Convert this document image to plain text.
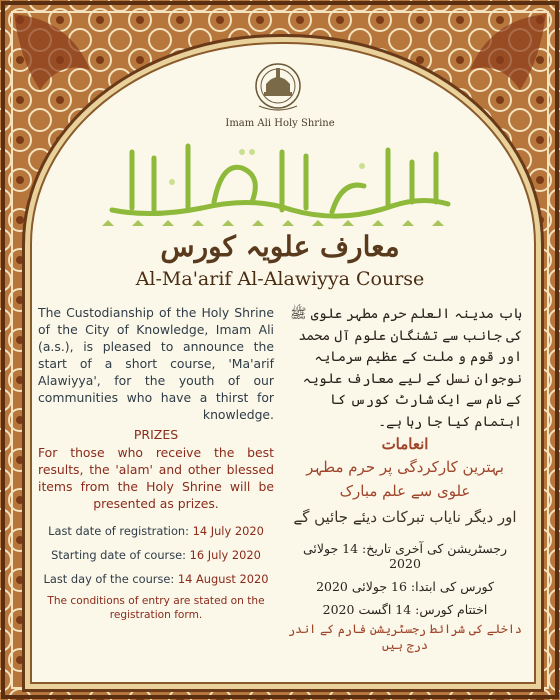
Imam Ali Holy Shrine
معارف علویہ کورس
Al-Ma'arif Al-Alawiyya Course

The Custodianship of the Holy Shrine of the City of Knowledge, Imam Ali (a.s.), is pleased to announce the start of a short course, 'Ma'arif Alawiyya', for the youth of our communities who have a thirst for knowledge.

PRIZES

For those who receive the best results, the 'alam' and other blessed items from the Holy Shrine will be presented as prizes.

Last date of registration: 14 July 2020

Starting date of course: 16 July 2020

Last day of the course: 14 August 2020

The conditions of entry are stated on the registration form.

باب مدینہ العلم حرم مطہر علوی ﷺ کی جانب سے تشنگان علوم آل محمد اور قوم و ملت کے عظیم سرمایہ نوجوان نسل کے لیے معارف علویہ کے نام سے ایک شارٹ کورس کا اہتمام کیا جا رہا ہے۔

انعامات

بہترین کارکردگی پر حرم مطہر علوی سے علم مبارک

اور دیگر نایاب تبرکات دیئے جائیں گے

رجسٹریشن کی آخری تاریخ: 14 جولائی 2020

کورس کی ابتدا: 16 جولائی 2020

اختتام کورس: 14 اگست 2020

داخلے کی شرائط رجسٹریشن فارم کے اندر درج ہیں
